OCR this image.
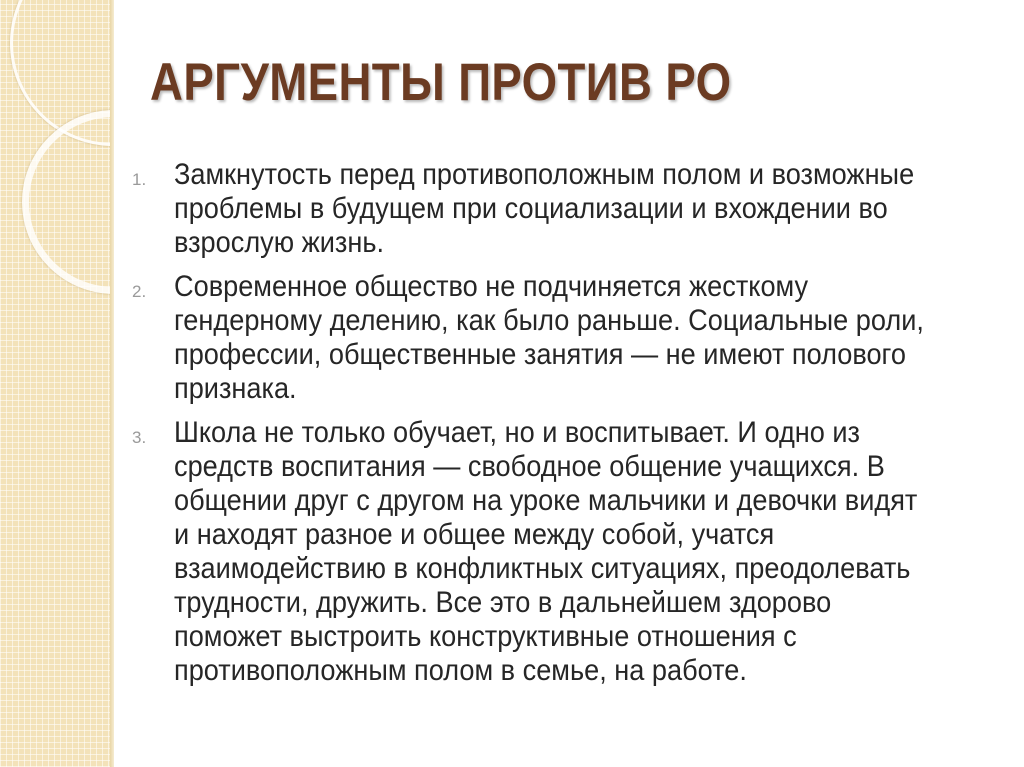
АРГУМЕНТЫ ПРОТИВ РО
1. Замкнутость перед противоположным полом и возможные проблемы в будущем при социализации и вхождении во взрослую жизнь.
2. Современное общество не подчиняется жесткому гендерному делению, как было раньше. Социальные роли, профессии, общественные занятия — не имеют полового признака.
3. Школа не только обучает, но и воспитывает. И одно из средств воспитания — свободное общение учащихся. В общении друг с другом на уроке мальчики и девочки видят и находят разное и общее между собой, учатся взаимодействию в конфликтных ситуациях, преодолевать трудности, дружить. Все это в дальнейшем здорово поможет выстроить конструктивные отношения с противоположным полом в семье, на работе.
